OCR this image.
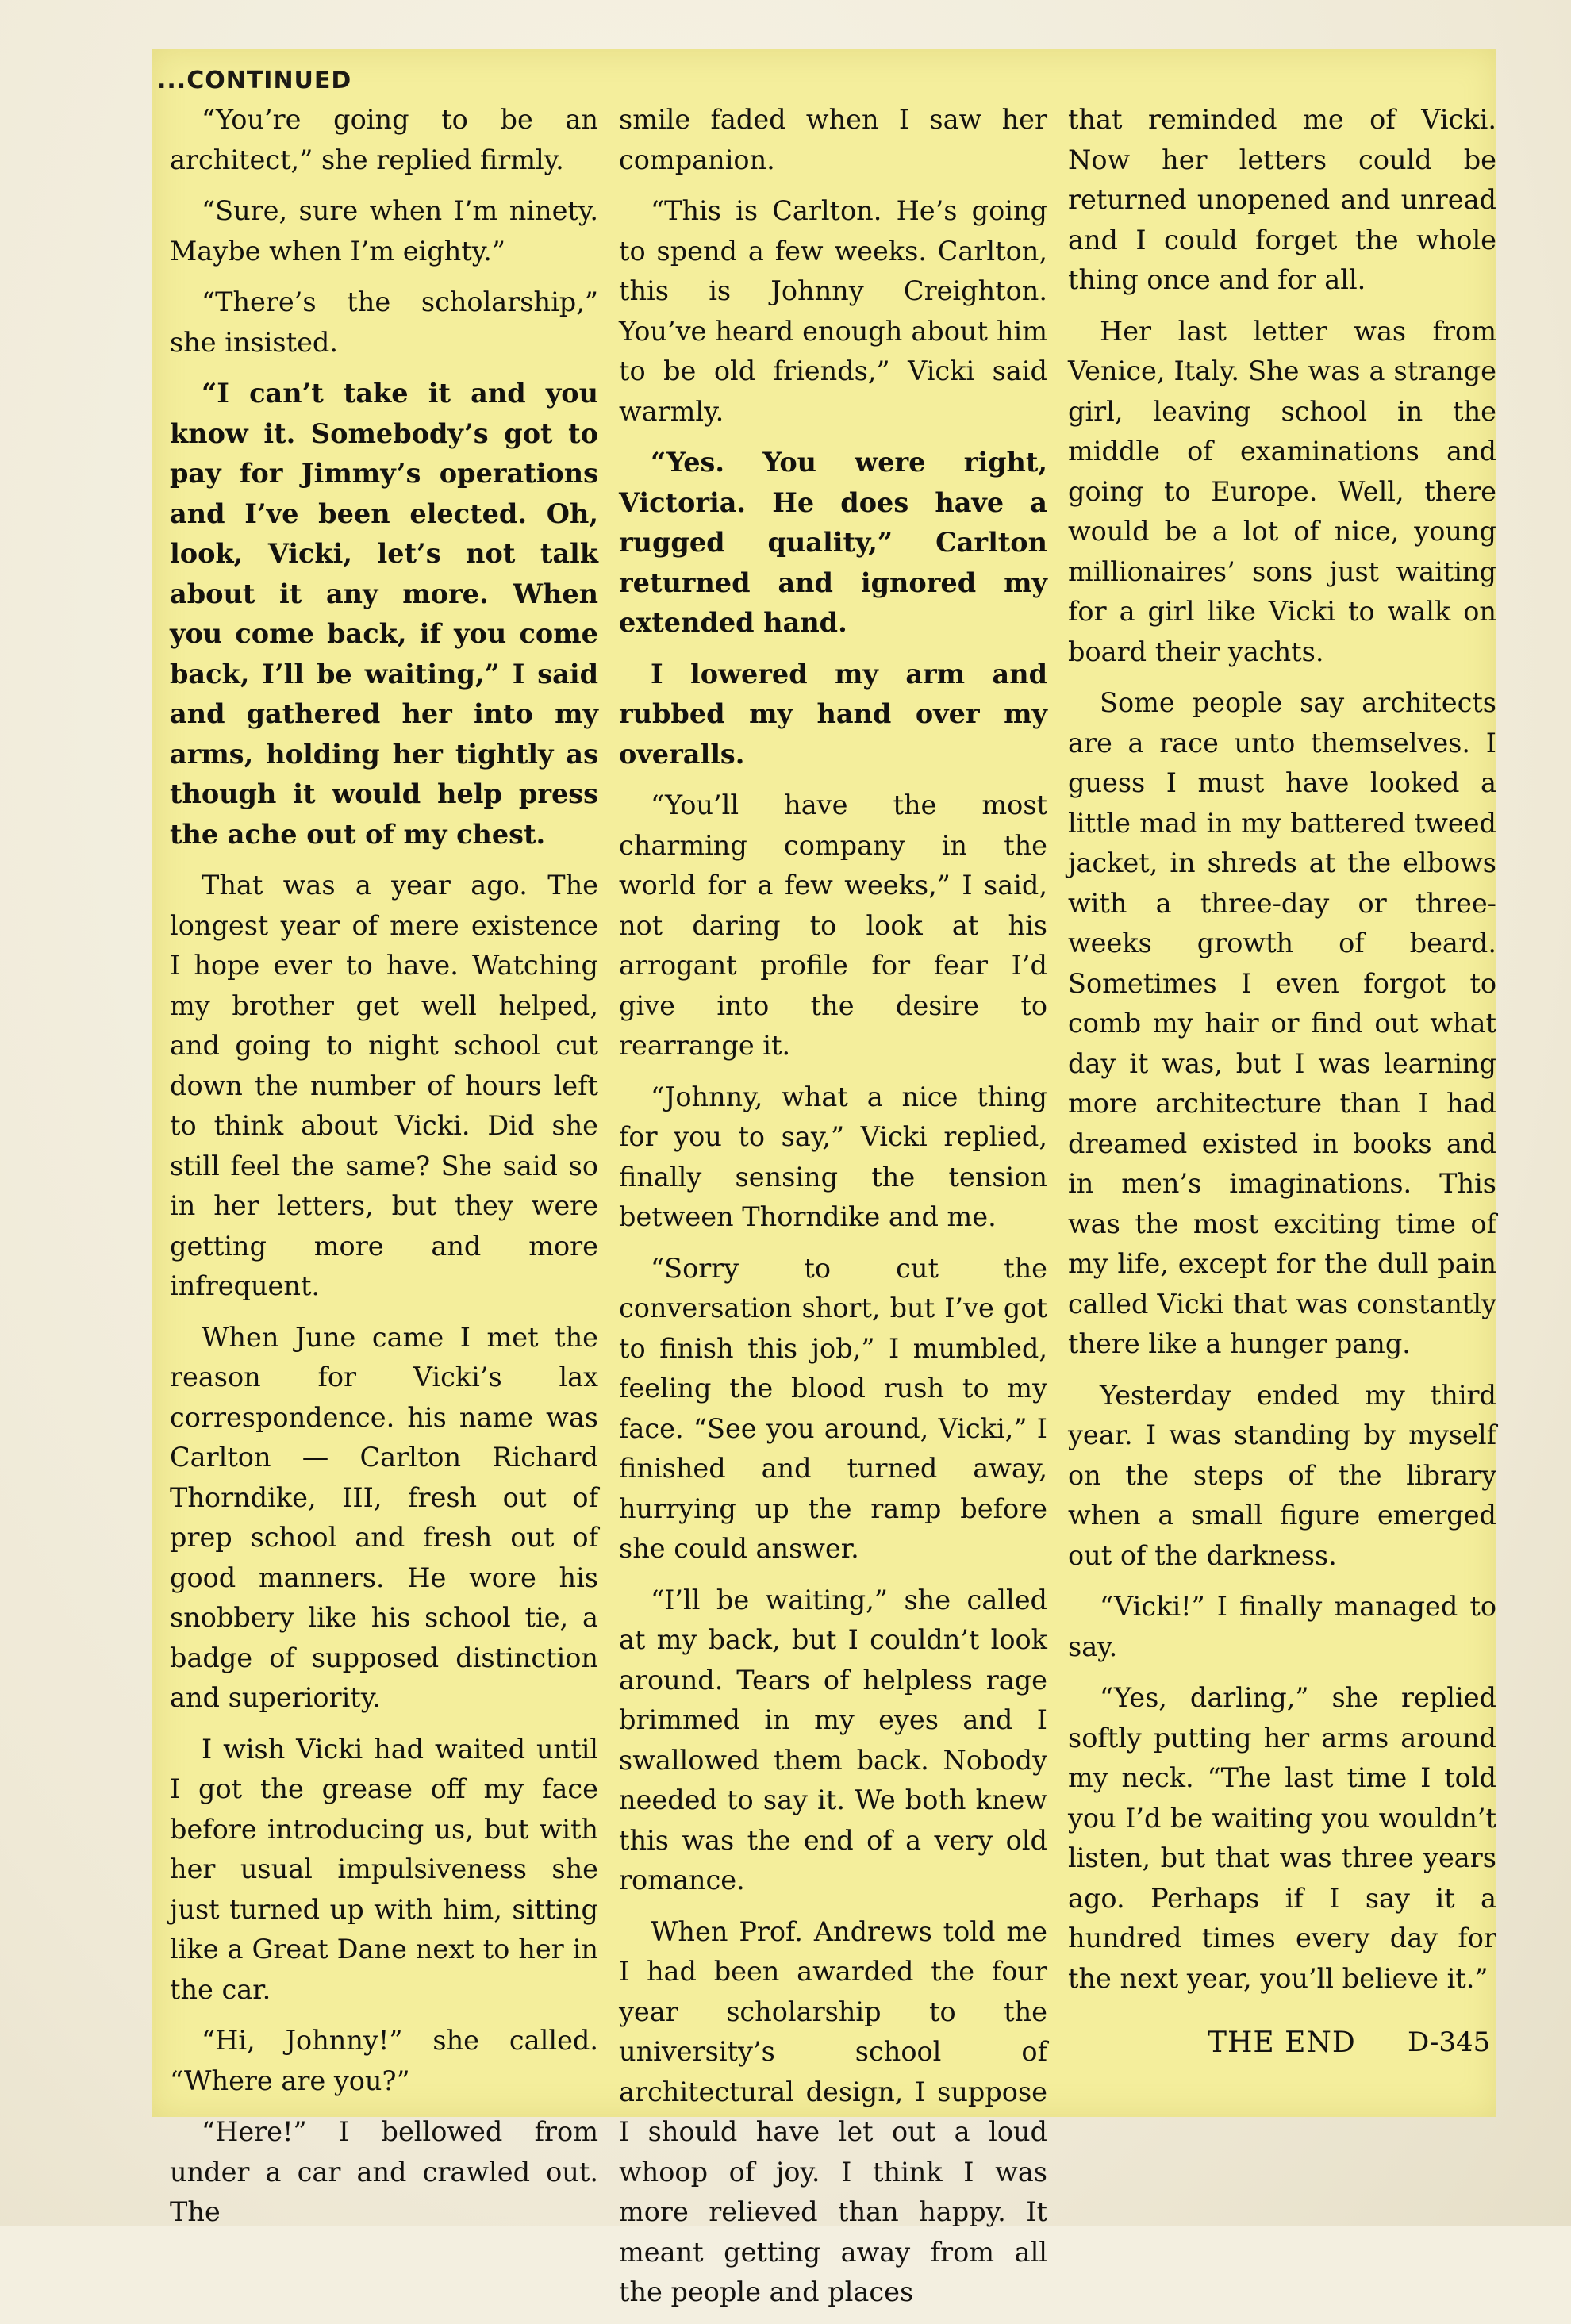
...CONTINUED

“You’re going to be an architect,” she replied firmly.

“Sure, sure when I’m ninety. Maybe when I’m eighty.”

“There’s the scholarship,” she insisted.

“I can’t take it and you know it. Somebody’s got to pay for Jimmy’s operations and I’ve been elected. Oh, look, Vicki, let’s not talk about it any more. When you come back, if you come back, I’ll be waiting,” I said and gathered her into my arms, holding her tightly as though it would help press the ache out of my chest.

That was a year ago. The longest year of mere existence I hope ever to have. Watching my brother get well helped, and going to night school cut down the number of hours left to think about Vicki. Did she still feel the same? She said so in her letters, but they were getting more and more infrequent.

When June came I met the reason for Vicki’s lax correspondence. his name was Carlton — Carlton Richard Thorndike, III, fresh out of prep school and fresh out of good manners. He wore his snobbery like his school tie, a badge of supposed distinction and superiority.

I wish Vicki had waited until I got the grease off my face before introducing us, but with her usual impulsiveness she just turned up with him, sitting like a Great Dane next to her in the car.

“Hi, Johnny!” she called. “Where are you?”

“Here!” I bellowed from under a car and crawled out. The

smile faded when I saw her companion.

“This is Carlton. He’s going to spend a few weeks. Carlton, this is Johnny Creighton. You’ve heard enough about him to be old friends,” Vicki said warmly.

“Yes. You were right, Victoria. He does have a rugged quality,” Carlton returned and ignored my extended hand.

I lowered my arm and rubbed my hand over my overalls.

“You’ll have the most charming company in the world for a few weeks,” I said, not daring to look at his arrogant profile for fear I’d give into the desire to rearrange it.

“Johnny, what a nice thing for you to say,” Vicki replied, finally sensing the tension between Thorndike and me.

“Sorry to cut the conversation short, but I’ve got to finish this job,” I mumbled, feeling the blood rush to my face. “See you around, Vicki,” I finished and turned away, hurrying up the ramp before she could answer.

“I’ll be waiting,” she called at my back, but I couldn’t look around. Tears of helpless rage brimmed in my eyes and I swallowed them back. Nobody needed to say it. We both knew this was the end of a very old romance.

When Prof. Andrews told me I had been awarded the four year scholarship to the university’s school of architectural design, I suppose I should have let out a loud whoop of joy. I think I was more relieved than happy. It meant getting away from all the people and places

that reminded me of Vicki. Now her letters could be returned unopened and unread and I could forget the whole thing once and for all.

Her last letter was from Venice, Italy. She was a strange girl, leaving school in the middle of examinations and going to Europe. Well, there would be a lot of nice, young millionaires’ sons just waiting for a girl like Vicki to walk on board their yachts.

Some people say architects are a race unto themselves. I guess I must have looked a little mad in my battered tweed jacket, in shreds at the elbows with a three-day or three-weeks growth of beard. Sometimes I even forgot to comb my hair or find out what day it was, but I was learning more architecture than I had dreamed existed in books and in men’s imaginations. This was the most exciting time of my life, except for the dull pain called Vicki that was constantly there like a hunger pang.

Yesterday ended my third year. I was standing by myself on the steps of the library when a small figure emerged out of the darkness.

“Vicki!” I finally managed to say.

“Yes, darling,” she replied softly putting her arms around my neck. “The last time I told you I’d be waiting you wouldn’t listen, but that was three years ago. Perhaps if I say it a hundred times every day for the next year, you’ll believe it.”

THE END D-345
